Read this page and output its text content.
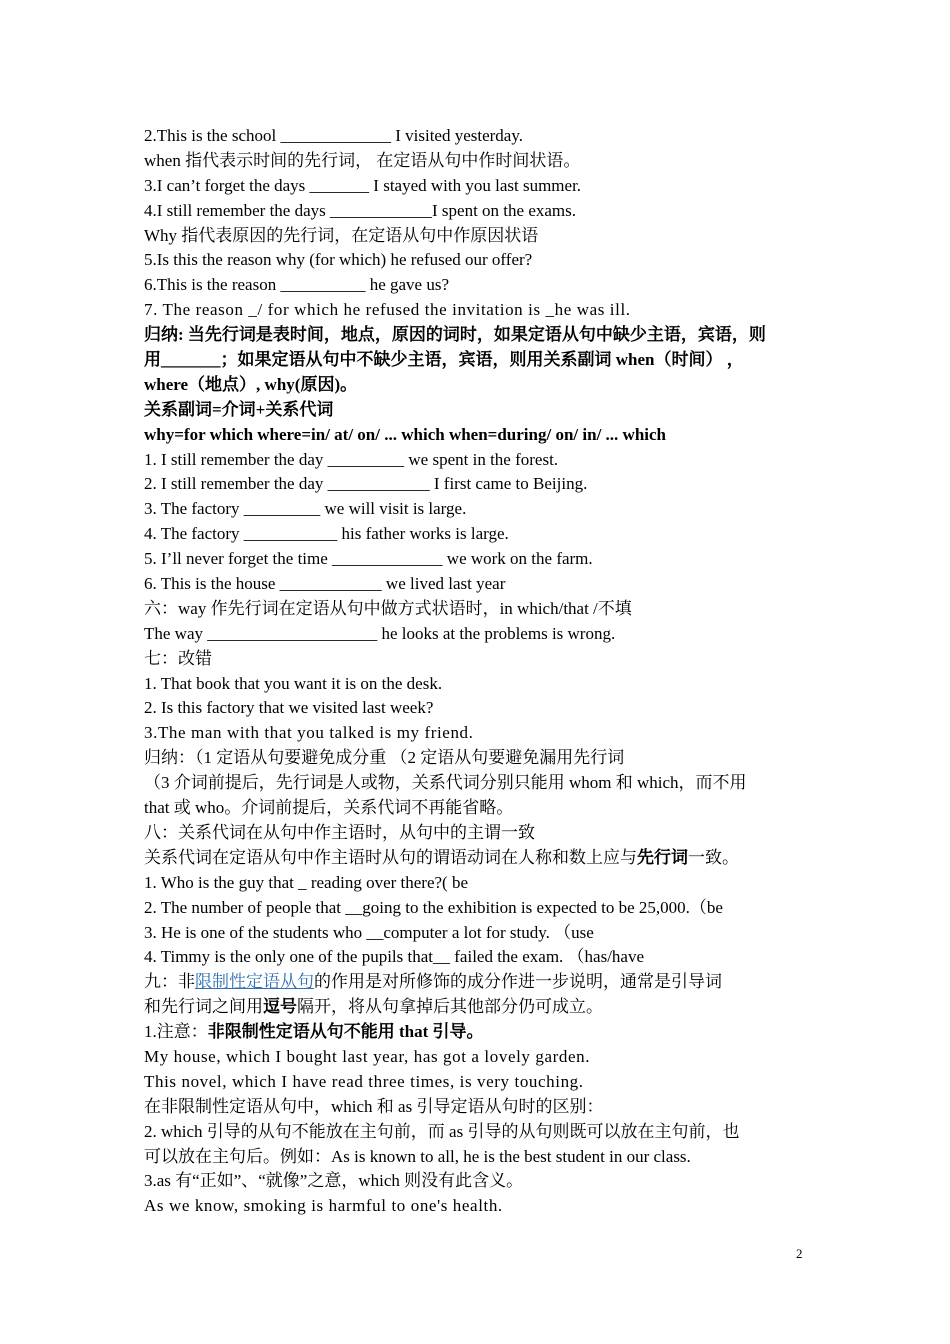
2.This is the school _____________ I visited yesterday.
when 指代表示时间的先行词， 在定语从句中作时间状语。
3.I can’t forget the days _______ I stayed with you last summer.
4.I still remember the days ____________I spent on the exams.
Why 指代表原因的先行词，在定语从句中作原因状语
5.Is this the reason why (for which) he refused our offer?
6.This is the reason __________ he gave us?
7. The reason _/ for which he refused the invitation is _he was ill.
归纳: 当先行词是表时间，地点，原因的词时，如果定语从句中缺少主语，宾语，则
用_______；如果定语从句中不缺少主语，宾语，则用关系副词 when（时间） ，
where（地点）, why(原因)。
关系副词=介词+关系代词
why=for which where=in/ at/ on/ ... which when=during/ on/ in/ ... which
1. I still remember the day _________ we spent in the forest.
2. I still remember the day ____________ I first came to Beijing.
3. The factory _________ we will visit is large.
4. The factory ___________ his father works is large.
5. I’ll never forget the time _____________ we work on the farm.
6. This is the house ____________ we lived last year
六：way 作先行词在定语从句中做方式状语时，in which/that /不填
The way ____________________ he looks at the problems is wrong.
七：改错
1. That book that you want it is on the desk.
2. Is this factory that we visited last week?
3.The man with that you talked is my friend.
归纳：（1 定语从句要避免成分重 （2 定语从句要避免漏用先行词
（3 介词前提后，先行词是人或物，关系代词分别只能用 whom 和 which，而不用
that 或 who。介词前提后，关系代词不再能省略。
八：关系代词在从句中作主语时，从句中的主谓一致
关系代词在定语从句中作主语时从句的谓语动词在人称和数上应与先行词一致。
1. Who is the guy that _ reading over there?( be
2. The number of people that __going to the exhibition is expected to be 25,000.（be
3. He is one of the students who __computer a lot for study. （use
4. Timmy is the only one of the pupils that__ failed the exam. （has/have
九：非限制性定语从句的作用是对所修饰的成分作进一步说明，通常是引导词
和先行词之间用逗号隔开，将从句拿掉后其他部分仍可成立。
1.注意：非限制性定语从句不能用 that 引导。
My house, which I bought last year, has got a lovely garden.
This novel, which I have read three times, is very touching.
在非限制性定语从句中，which 和 as 引导定语从句时的区别：
2. which 引导的从句不能放在主句前，而 as 引导的从句则既可以放在主句前，也
可以放在主句后。例如：As is known to all, he is the best student in our class.
3.as 有“正如”、“就像”之意，which 则没有此含义。
As we know, smoking is harmful to one's health.
2
